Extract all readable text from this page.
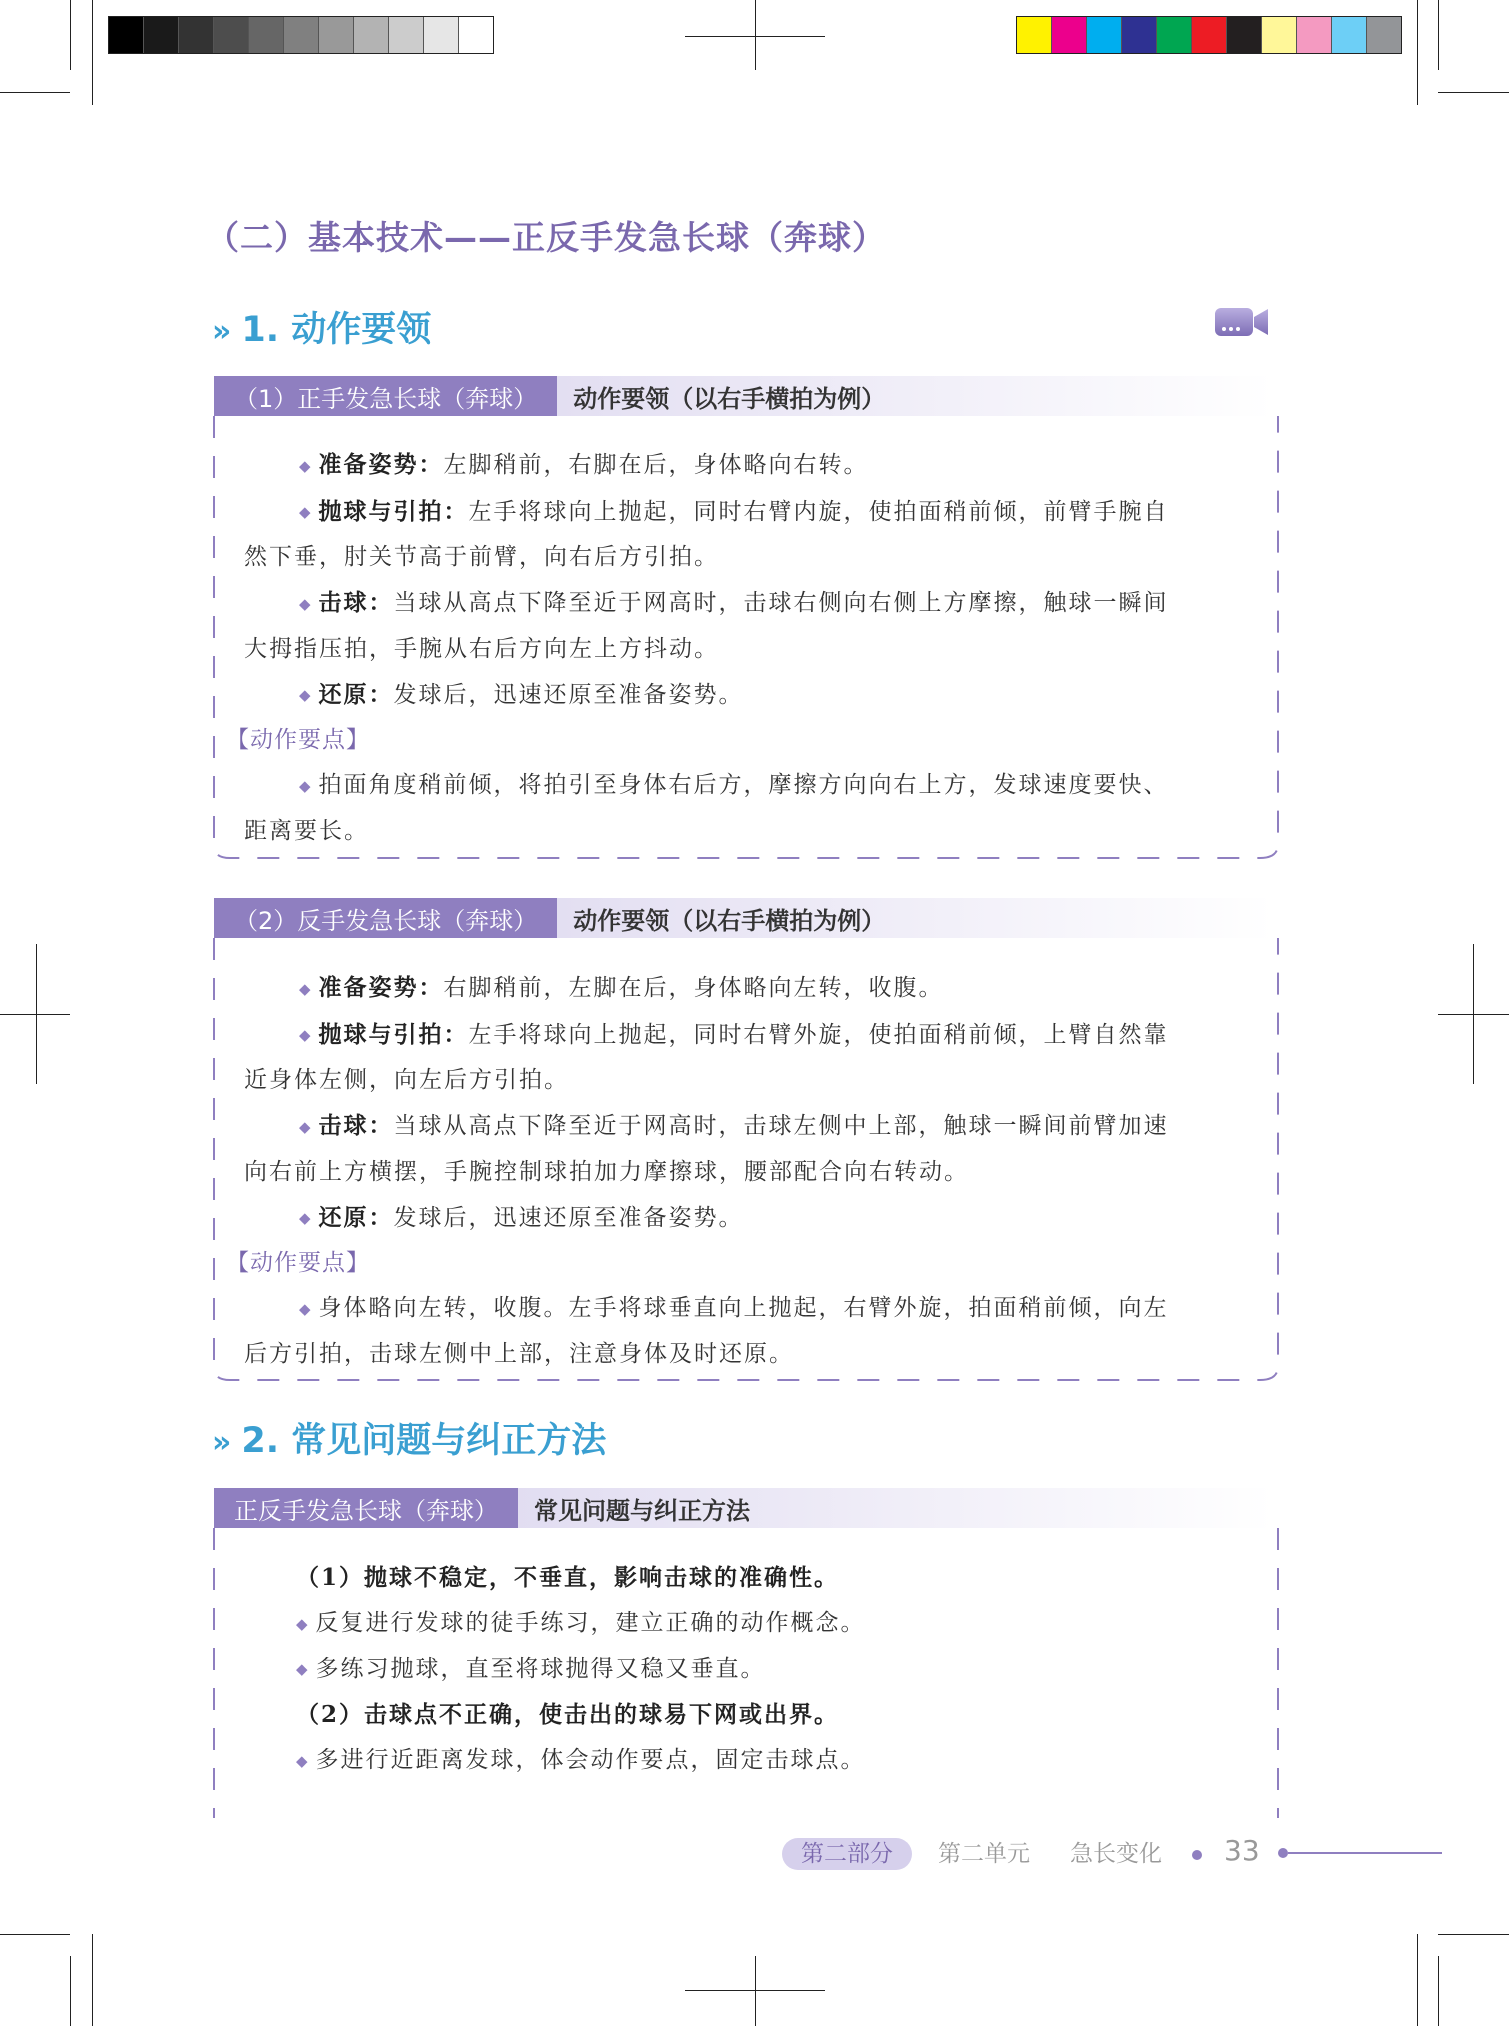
（二）基本技术——正反手发急长球（奔球）
» 1. 动作要领
（1）正手发急长球（奔球）	动作要领（以右手横拍为例）

◆ 准备姿势：左脚稍前，右脚在后，身体略向右转。

◆ 抛球与引拍：左手将球向上抛起，同时右臂内旋，使拍面稍前倾，前臂手腕自

然下垂，肘关节高于前臂，向右后方引拍。

◆ 击球：当球从高点下降至近于网高时，击球右侧向右侧上方摩擦，触球一瞬间

大拇指压拍，手腕从右后方向左上方抖动。

◆ 还原：发球后，迅速还原至准备姿势。

【动作要点】

◆ 拍面角度稍前倾，将拍引至身体右后方，摩擦方向向右上方，发球速度要快、

距离要长。

（2）反手发急长球（奔球）	动作要领（以右手横拍为例）

◆ 准备姿势：右脚稍前，左脚在后，身体略向左转，收腹。

◆ 抛球与引拍：左手将球向上抛起，同时右臂外旋，使拍面稍前倾，上臂自然靠

近身体左侧，向左后方引拍。

◆ 击球：当球从高点下降至近于网高时，击球左侧中上部，触球一瞬间前臂加速

向右前上方横摆，手腕控制球拍加力摩擦球，腰部配合向右转动。

◆ 还原：发球后，迅速还原至准备姿势。

【动作要点】

◆ 身体略向左转，收腹。左手将球垂直向上抛起，右臂外旋，拍面稍前倾，向左

后方引拍，击球左侧中上部，注意身体及时还原。

» 2. 常见问题与纠正方法
正反手发急长球（奔球）	常见问题与纠正方法

（1）抛球不稳定，不垂直，影响击球的准确性。

◆ 反复进行发球的徒手练习，建立正确的动作概念。

◆ 多练习抛球，直至将球抛得又稳又垂直。

（2）击球点不正确，使击出的球易下网或出界。

◆ 多进行近距离发球，体会动作要点，固定击球点。

第二部分	第二单元 急长变化 33
